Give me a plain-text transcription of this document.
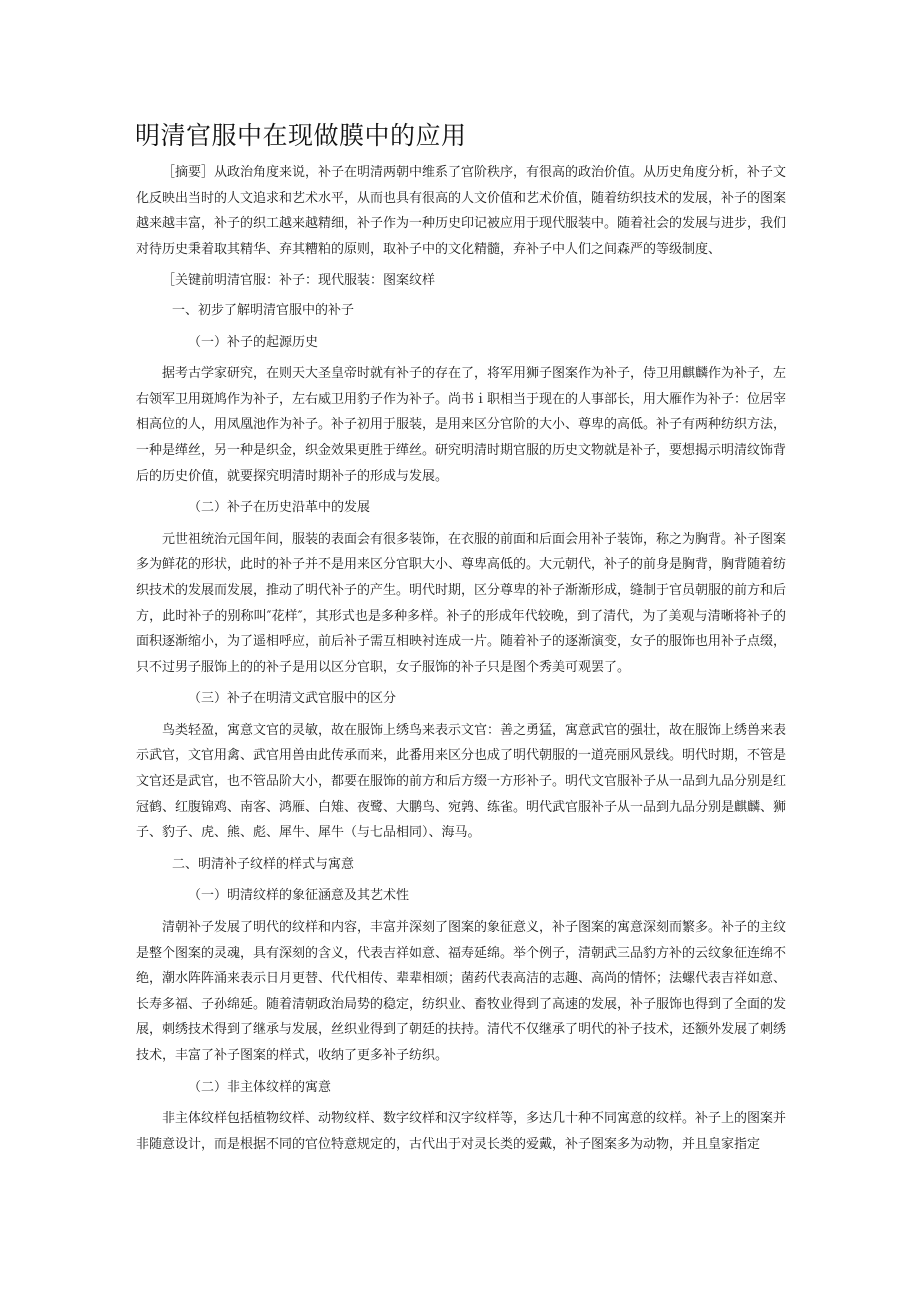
明清官服中在现做膜中的应用

［摘要］从政治角度来说，补子在明清两朝中维系了官阶秩序，有很高的政治价值。从历史角度分析，补子文化反映出当时的人文追求和艺术水平，从而也具有很高的人文价值和艺术价值，随着纺织技术的发展，补子的图案越来越丰富，补子的织工越来越精细，补子作为一种历史印记被应用于现代服装中。随着社会的发展与进步，我们对待历史秉着取其精华、弃其糟粕的原则，取补子中的文化精髓，弃补子中人们之间森严的等级制度、

［关键前明清官服：补子：现代服装：图案纹样

一、初步了解明清官服中的补子

（一）补子的起源历史

据考古学家研究，在则天大圣皇帝时就有补子的存在了，将军用狮子图案作为补子，侍卫用麒麟作为补子，左右领军卫用斑鸠作为补子，左右威卫用豹子作为补子。尚书ｉ职相当于现在的人事部长，用大雁作为补子：位居宰相高位的人，用凤凰池作为补子。补子初用于服装，是用来区分官阶的大小、尊卑的高低。补子有两种纺织方法，一种是缂丝，另一种是织金，织金效果更胜于缂丝。研究明清时期官服的历史文物就是补子，要想揭示明清纹饰背后的历史价值，就要探究明清时期补子的形成与发展。

（二）补子在历史沿革中的发展

元世祖统治元国年间，服装的表面会有很多装饰，在衣服的前面和后面会用补子装饰，称之为胸背。补子图案多为鲜花的形状，此时的补子并不是用来区分官职大小、尊卑高低的。大元朝代，补子的前身是胸背，胸背随着纺织技术的发展而发展，推动了明代补子的产生。明代时期，区分尊卑的补子渐渐形成，缝制于官员朝服的前方和后方，此时补子的别称叫″花样″，其形式也是多种多样。补子的形成年代较晚，到了清代，为了美观与清晰将补子的面积逐渐缩小，为了遥相呼应，前后补子需互相映衬连成一片。随着补子的逐渐演变，女子的服饰也用补子点缀，只不过男子服饰上的的补子是用以区分官职，女子服饰的补子只是图个秀美可观罢了。

（三）补子在明清文武官服中的区分

鸟类轻盈，寓意文官的灵敏，故在服饰上绣鸟来表示文官：善之勇猛，寓意武官的强壮，故在服饰上绣兽来表示武官，文官用禽、武官用兽由此传承而来，此番用来区分也成了明代朝服的一道亮丽风景线。明代时期，不管是文官还是武官，也不管品阶大小，都要在服饰的前方和后方缀一方形补子。明代文官服补子从一品到九品分别是红冠鹤、红腹锦鸡、南客、鸿雁、白雉、夜鹭、大鹏鸟、宛鹑、练雀。明代武官服补子从一品到九品分别是麒麟、狮子、豹子、虎、熊、彪、犀牛、犀牛（与七品相同）、海马。

二、明清补子纹样的样式与寓意

（一）明清纹样的象征涵意及其艺术性

清朝补子发展了明代的纹样和内容，丰富并深刻了图案的象征意义，补子图案的寓意深刻而繁多。补子的主纹是整个图案的灵魂，具有深刻的含义，代表吉祥如意、福寿延绵。举个例子，清朝武三品豹方补的云纹象征连绵不绝，潮水阵阵涌来表示日月更替、代代相传、辈辈相颂；菌药代表高洁的志趣、高尚的情怀；法螺代表吉祥如意、长寿多福、子孙绵延。随着清朝政治局势的稳定，纺织业、畜牧业得到了高速的发展，补子服饰也得到了全面的发展，刺绣技术得到了继承与发展，丝织业得到了朝廷的扶持。清代不仅继承了明代的补子技术，还额外发展了刺绣技术，丰富了补子图案的样式，收纳了更多补子纺织。

（二）非主体纹样的寓意

非主体纹样包括植物纹样、动物纹样、数字纹样和汉字纹样等，多达几十种不同寓意的纹样。补子上的图案并非随意设计，而是根据不同的官位特意规定的，古代出于对灵长类的爱戴，补子图案多为动物，并且皇家指定
